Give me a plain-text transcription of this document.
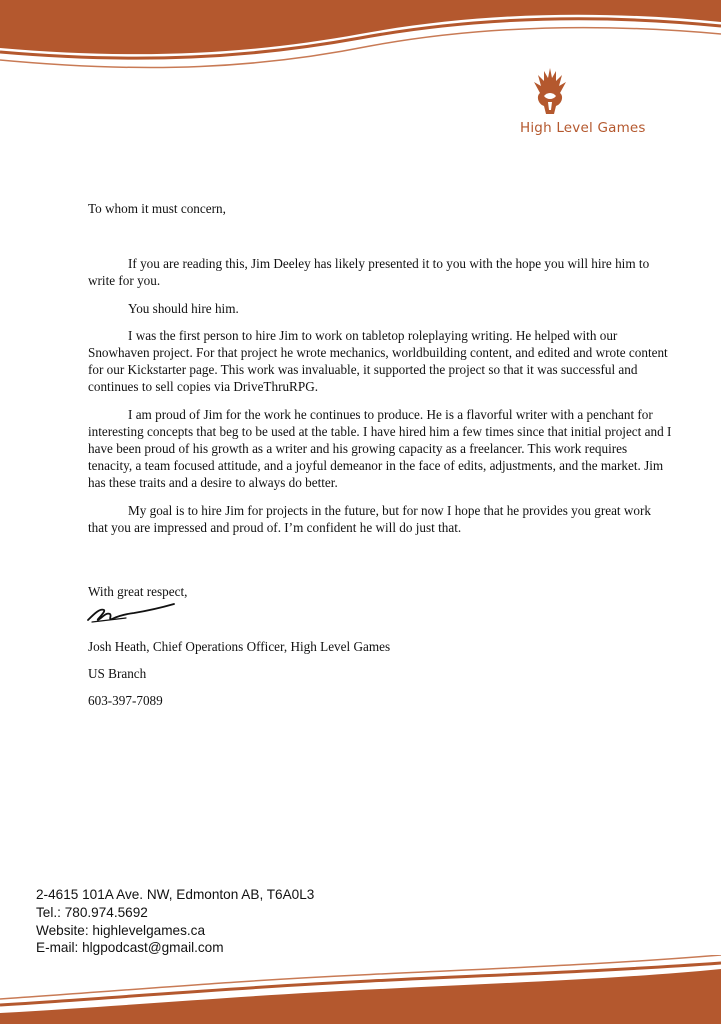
High Level Games

To whom it must concern,

If you are reading this, Jim Deeley has likely presented it to you with the hope you will hire him to write for you.

You should hire him.

I was the first person to hire Jim to work on tabletop roleplaying writing. He helped with our Snowhaven project. For that project he wrote mechanics, worldbuilding content, and edited and wrote content for our Kickstarter page. This work was invaluable, it supported the project so that it was successful and continues to sell copies via DriveThruRPG.

I am proud of Jim for the work he continues to produce. He is a flavorful writer with a penchant for interesting concepts that beg to be used at the table. I have hired him a few times since that initial project and I have been proud of his growth as a writer and his growing capacity as a freelancer. This work requires tenacity, a team focused attitude, and a joyful demeanor in the face of edits, adjustments, and the market. Jim has these traits and a desire to always do better.

My goal is to hire Jim for projects in the future, but for now I hope that he provides you great work that you are impressed and proud of. I’m confident he will do just that.

With great respect,
Josh Heath, Chief Operations Officer, High Level Games
US Branch
603-397-7089
2-4615 101A Ave. NW, Edmonton AB, T6A0L3
Tel.: 780.974.5692
Website: highlevelgames.ca
E-mail: hlgpodcast@gmail.com
